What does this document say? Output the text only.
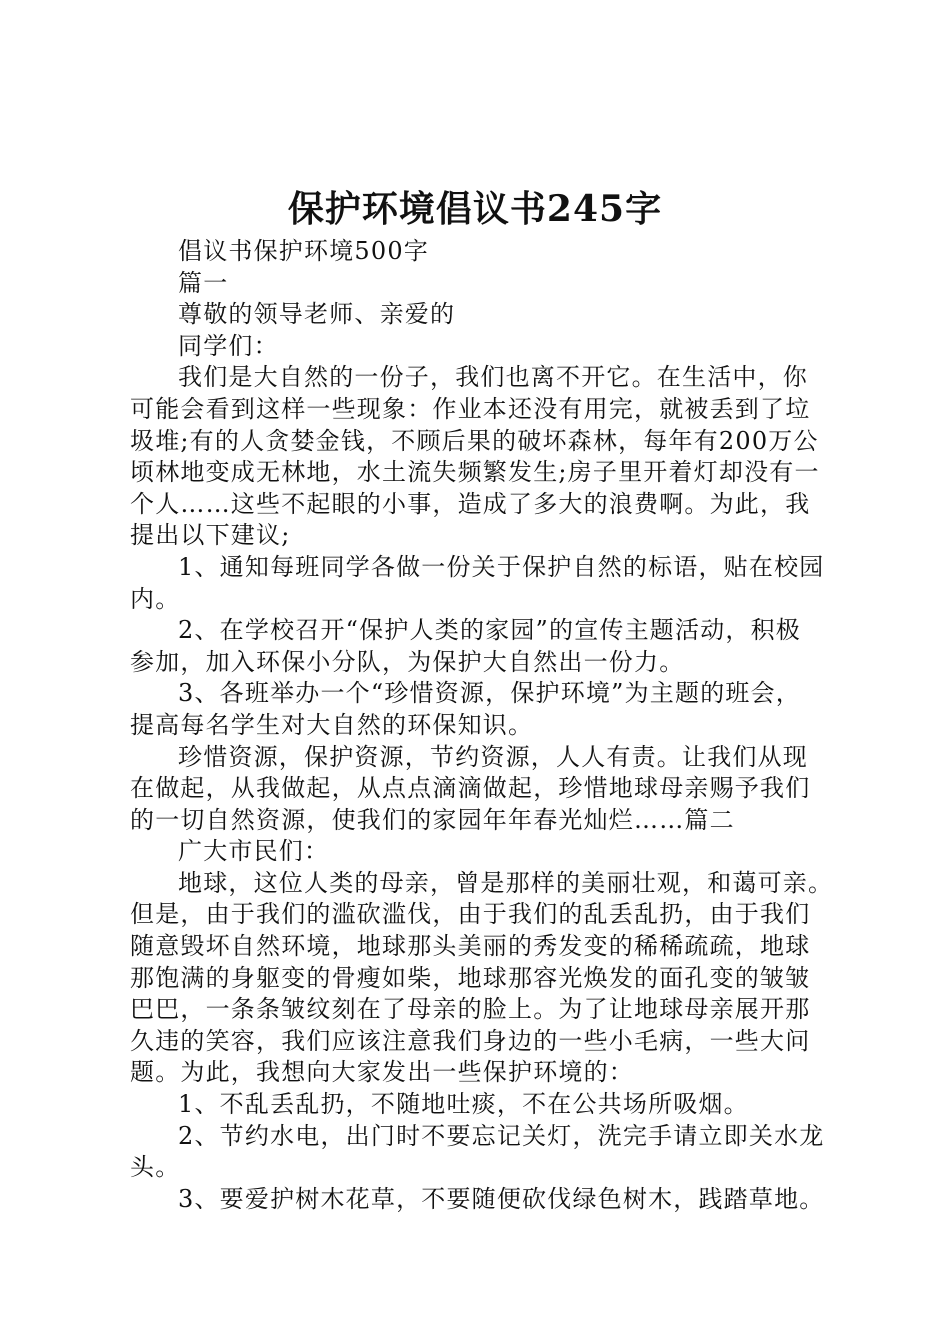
保护环境倡议书245字
倡议书保护环境500字
篇一
尊敬的领导老师、亲爱的
同学们：
我们是大自然的一份子，我们也离不开它。在生活中，你
可能会看到这样一些现象：作业本还没有用完，就被丢到了垃
圾堆;有的人贪婪金钱，不顾后果的破坏森林，每年有200万公
顷林地变成无林地，水土流失频繁发生;房子里开着灯却没有一
个人……这些不起眼的小事，造成了多大的浪费啊。为此，我
提出以下建议;
1、通知每班同学各做一份关于保护自然的标语，贴在校园
内。
2、在学校召开“保护人类的家园”的宣传主题活动，积极
参加，加入环保小分队，为保护大自然出一份力。
3、各班举办一个“珍惜资源，保护环境”为主题的班会，
提高每名学生对大自然的环保知识。
珍惜资源，保护资源，节约资源，人人有责。让我们从现
在做起，从我做起，从点点滴滴做起，珍惜地球母亲赐予我们
的一切自然资源，使我们的家园年年春光灿烂……篇二
广大市民们：
地球，这位人类的母亲，曾是那样的美丽壮观，和蔼可亲。
但是，由于我们的滥砍滥伐，由于我们的乱丢乱扔，由于我们
随意毁坏自然环境，地球那头美丽的秀发变的稀稀疏疏，地球
那饱满的身躯变的骨瘦如柴，地球那容光焕发的面孔变的皱皱
巴巴，一条条皱纹刻在了母亲的脸上。为了让地球母亲展开那
久违的笑容，我们应该注意我们身边的一些小毛病，一些大问
题。为此，我想向大家发出一些保护环境的：
1、不乱丢乱扔，不随地吐痰，不在公共场所吸烟。
2、节约水电，出门时不要忘记关灯，洗完手请立即关水龙
头。
3、要爱护树木花草，不要随便砍伐绿色树木，践踏草地。
